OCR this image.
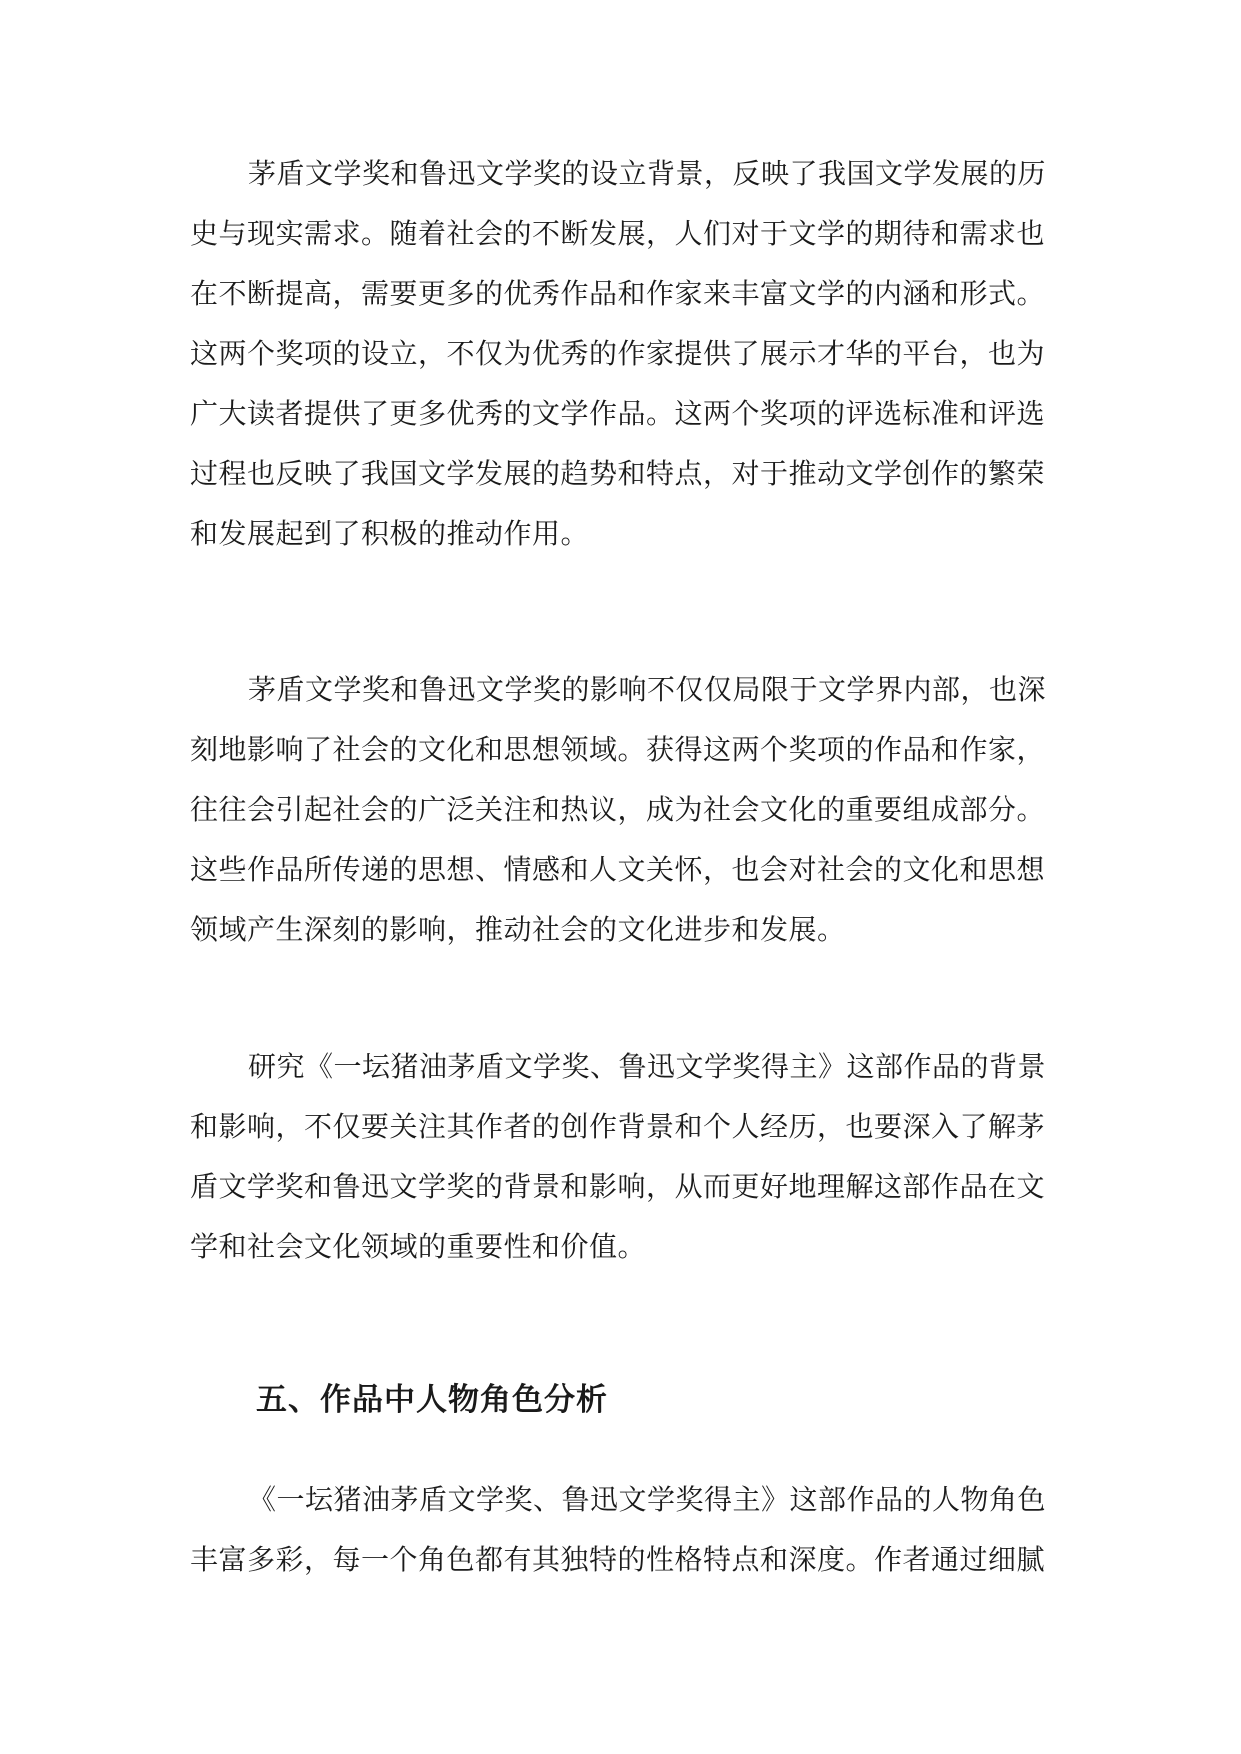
茅盾文学奖和鲁迅文学奖的设立背景，反映了我国文学发展的历
史与现实需求。随着社会的不断发展，人们对于文学的期待和需求也
在不断提高，需要更多的优秀作品和作家来丰富文学的内涵和形式。
这两个奖项的设立，不仅为优秀的作家提供了展示才华的平台，也为
广大读者提供了更多优秀的文学作品。这两个奖项的评选标准和评选
过程也反映了我国文学发展的趋势和特点，对于推动文学创作的繁荣
和发展起到了积极的推动作用。
茅盾文学奖和鲁迅文学奖的影响不仅仅局限于文学界内部，也深
刻地影响了社会的文化和思想领域。获得这两个奖项的作品和作家，
往往会引起社会的广泛关注和热议，成为社会文化的重要组成部分。
这些作品所传递的思想、情感和人文关怀，也会对社会的文化和思想
领域产生深刻的影响，推动社会的文化进步和发展。
研究《一坛猪油茅盾文学奖、鲁迅文学奖得主》这部作品的背景
和影响，不仅要关注其作者的创作背景和个人经历，也要深入了解茅
盾文学奖和鲁迅文学奖的背景和影响，从而更好地理解这部作品在文
学和社会文化领域的重要性和价值。
五、作品中人物角色分析
《一坛猪油茅盾文学奖、鲁迅文学奖得主》这部作品的人物角色
丰富多彩，每一个角色都有其独特的性格特点和深度。作者通过细腻
